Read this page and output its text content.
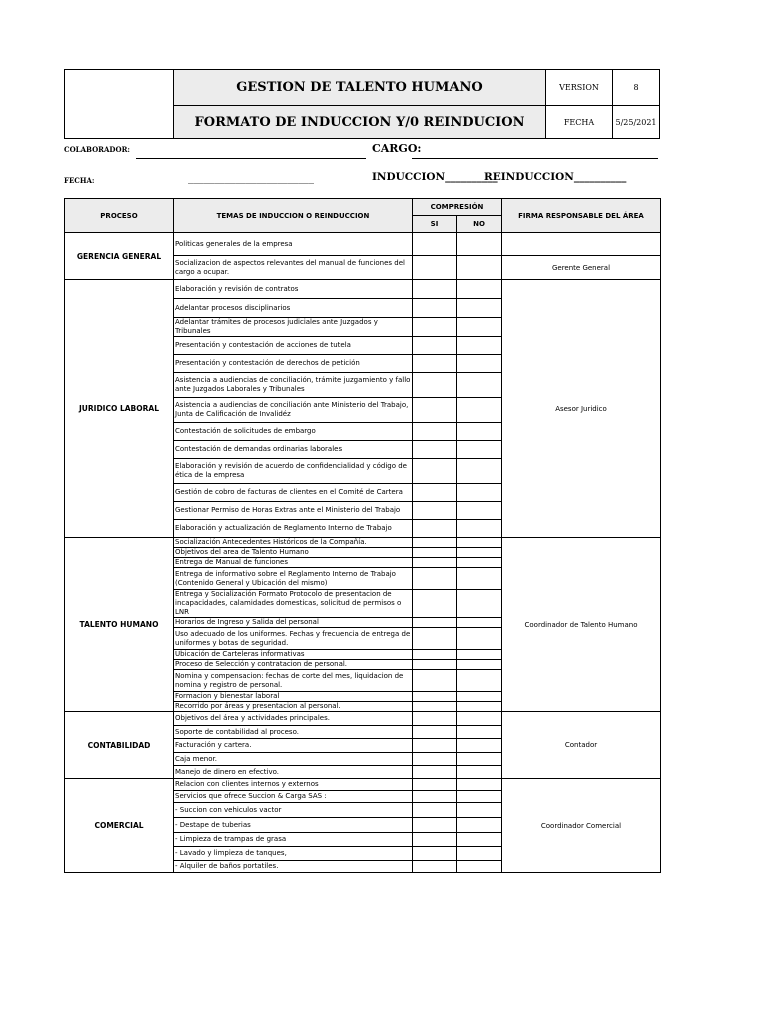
GESTION DE TALENTO HUMANO	VERSION	8
FORMATO DE INDUCCION Y/0 REINDUCION	FECHA	5/25/2021
COLABORADOR:	CARGO:
FECHA:	________________________	INDUCCION__________
REINDUCCION__________
PROCESO	TEMAS DE INDUCCION O REINDUCCION	COMPRESIÓN		FIRMA RESPONSABLE DEL ÁREA
		SI	NO	
GERENCIA GENERAL	Politicas generales de la empresa			

	Socializacion de aspectos relevantes del manual de funciones del cargo a ocupar.			Gerente General
JURIDICO LABORAL	Elaboración y revisión de contratos			Asesor Juridico
	Adelantar procesos disciplinarios			
	Adelantar trámites de procesos judiciales ante Juzgados y Tribunales			
	Presentación y contestación de acciones de tutela			
	Presentación y contestación de derechos de petición			
	Asistencia a audiencias de conciliación, trámite juzgamiento y fallo ante Juzgados Laborales y Tribunales			
	Asistencia a audiencias de conciliación ante Ministerio del Trabajo, Junta de Calificación de Invalidéz			
	Contestación de solicitudes de embargo			
	Contestación de demandas ordinarias laborales			
	Elaboración y revisión de acuerdo de confidencialidad y código de ética de la empresa			
	Gestión de cobro de facturas de clientes en el Comité de Cartera			
	Gestionar Permiso de Horas Extras ante el Ministerio del Trabajo			
	Elaboración y actualización de Reglamento Interno de Trabajo			
TALENTO HUMANO	Socialización Antecedentes Históricos de la Compañía.			Coordinador de Talento Humano
	Objetivos del area de Talento Humano			
	Entrega de Manual de funciones			
	Entrega de informativo sobre el Reglamento Interno de Trabajo (Contenido General y Ubicación del mismo)			
	Entrega y Socialización Formato Protocolo de presentacion de incapacidades, calamidades domesticas, solicitud de permisos o LNR			
	Horarios de Ingreso y Salida del personal			
	Uso adecuado de los uniformes. Fechas y frecuencia de entrega de uniformes y botas de seguridad.			
	Ubicación de Carteleras informativas			
	Proceso de Selección y contratacion de personal.			
	Nomina y compensacion: fechas de corte del mes, liquidacion de nomina y registro de personal.			
	Formacion y bienestar laboral			
	Recorrido por áreas y presentacion al personal.			
CONTABILIDAD	Objetivos del área y actividades principales.			Contador
	Soporte de contabilidad al proceso.			
	Facturación y cartera.			
	Caja menor.			
	Manejo de dinero en efectivo.			
COMERCIAL	Relacion con clientes internos y externos			Coordinador Comercial
	Servicios que ofrece Succion & Carga SAS :			
	- Succion con vehiculos vactor			
	- Destape de tuberias			
	- Limpieza de trampas de grasa			
	- Lavado y limpieza de tanques,			
	- Alquiler de baños portatiles.			
